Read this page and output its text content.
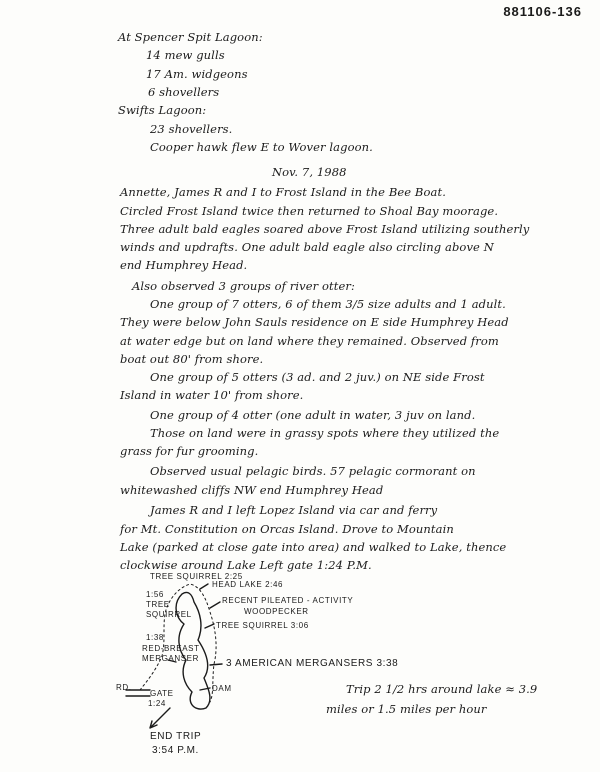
881106-136
At Spencer Spit Lagoon:
14 mew gulls
17 Am. widgeons
6 shovellers
Swifts Lagoon:
23 shovellers.
Cooper hawk flew E to Wover lagoon.
Nov. 7, 1988
Annette, James R and I to Frost Island in the Bee Boat.
Circled Frost Island twice then returned to Shoal Bay moorage.
Three adult bald eagles soared above Frost Island utilizing southerly
winds and updrafts. One adult bald eagle also circling above N
end Humphrey Head.
Also observed 3 groups of river otter:
One group of 7 otters, 6 of them 3/5 size adults and 1 adult.
They were below John Sauls residence on E side Humphrey Head
at water edge but on land where they remained. Observed from
boat out 80' from shore.
One group of 5 otters (3 ad. and 2 juv.) on NE side Frost
Island in water 10' from shore.
One group of 4 otter (one adult in water, 3 juv on land.
Those on land were in grassy spots where they utilized the
grass for fur grooming.
Observed usual pelagic birds. 57 pelagic cormorant on
whitewashed cliffs NW end Humphrey Head
James R and I left Lopez Island via car and ferry
for Mt. Constitution on Orcas Island. Drove to Mountain
Lake (parked at close gate into area) and walked to Lake, thence
clockwise around Lake Left gate 1:24 P.M.
TREE SQUIRREL 2:25
HEAD LAKE 2:46
1:56
TREE
SQUIRREL
RECENT PILEATED - ACTIVITY
WOODPECKER
TREE SQUIRREL 3:06
1:38
RED-BREAST
MERGANSER	3 AMERICAN MERGANSERS 3:38
RD.
GATE
1:24
DAM
END TRIP
3:54 P.M.
Trip 2 1/2 hrs around lake ≈ 3.9
miles or 1.5 miles per hour
